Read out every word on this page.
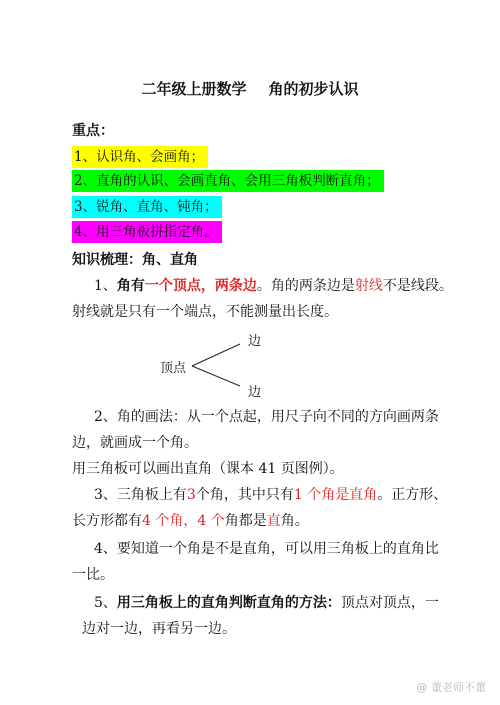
二年级上册数学 角的初步认识
重点：
1、认识角、会画角；
2、直角的认识、会画直角、会用三角板判断直角；
3、锐角、直角、钝角；
4、用三角板拼指定角。
知识梳理：角、直角
1、角有一个顶点，两条边。角的两条边是射线不是线段。
射线就是只有一个端点，不能测量出长度。
顶点
边
边
2、角的画法：从一个点起，用尺子向不同的方向画两条
边，就画成一个角。
用三角板可以画出直角（课本 41 页图例）。
3、三角板上有3个角，其中只有1 个角是直角。正方形、
长方形都有4 个角，4 个角都是直角。
4、要知道一个角是不是直角，可以用三角板上的直角比
一比。
5、用三角板上的直角判断直角的方法：顶点对顶点，一
边对一边，再看另一边。
@ 董老师不董
